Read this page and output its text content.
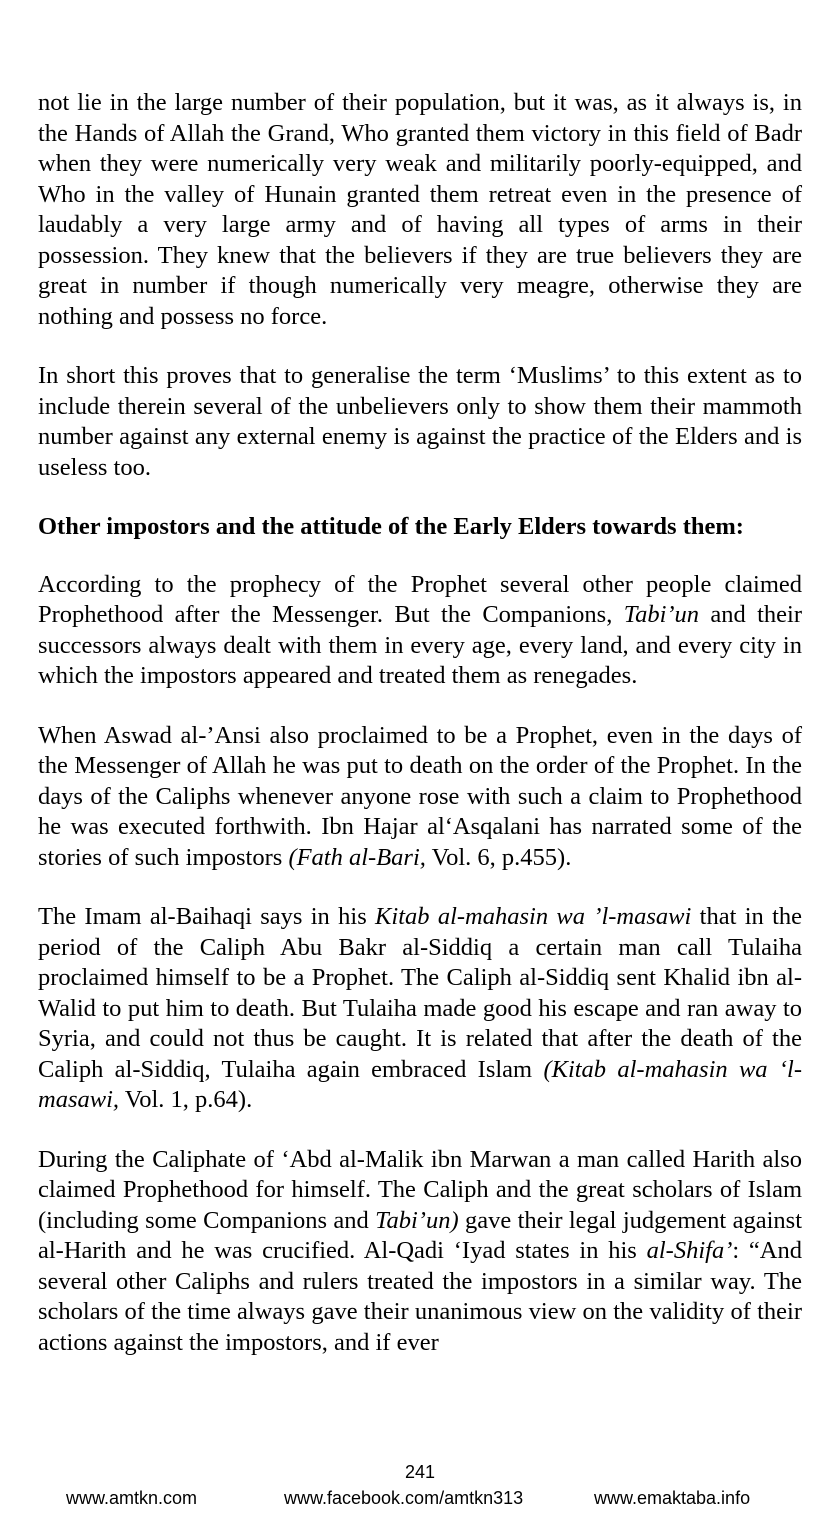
not lie in the large number of their population, but it was, as it always is, in the Hands of Allah the Grand, Who granted them victory in this field of Badr when they were numerically very weak and militarily poorly-equipped, and Who in the valley of Hunain granted them retreat even in the presence of laudably a very large army and of having all types of arms in their possession. They knew that the believers if they are true believers they are great in number if though numerically very meagre, otherwise they are nothing and possess no force.

In short this proves that to generalise the term ‘Muslims’ to this extent as to include therein several of the unbelievers only to show them their mammoth number against any external enemy is against the practice of the Elders and is useless too.

Other impostors and the attitude of the Early Elders towards them:

According to the prophecy of the Prophet several other people claimed Prophethood after the Messenger. But the Companions, Tabi’un and their successors always dealt with them in every age, every land, and every city in which the impostors appeared and treated them as renegades.

When Aswad al-’Ansi also proclaimed to be a Prophet, even in the days of the Messenger of Allah he was put to death on the order of the Prophet. In the days of the Caliphs whenever anyone rose with such a claim to Prophethood he was executed forthwith. Ibn Hajar al‘Asqalani has narrated some of the stories of such impostors (Fath al-Bari, Vol. 6, p.455).

The Imam al-Baihaqi says in his Kitab al-mahasin wa ’l-masawi that in the period of the Caliph Abu Bakr al-Siddiq a certain man call Tulaiha proclaimed himself to be a Prophet. The Caliph al-Siddiq sent Khalid ibn al-Walid to put him to death. But Tulaiha made good his escape and ran away to Syria, and could not thus be caught. It is related that after the death of the Caliph al-Siddiq, Tulaiha again embraced Islam (Kitab al-mahasin wa ‘l-masawi, Vol. 1, p.64).

During the Caliphate of ‘Abd al-Malik ibn Marwan a man called Harith also claimed Prophethood for himself. The Caliph and the great scholars of Islam (including some Companions and Tabi’un) gave their legal judgement against al-Harith and he was crucified. Al-Qadi ‘Iyad states in his al-Shifa’: “And several other Caliphs and rulers treated the impostors in a similar way. The scholars of the time always gave their unanimous view on the validity of their actions against the impostors, and if ever

241
www.amtkn.com	www.facebook.com/amtkn313	www.emaktaba.info
